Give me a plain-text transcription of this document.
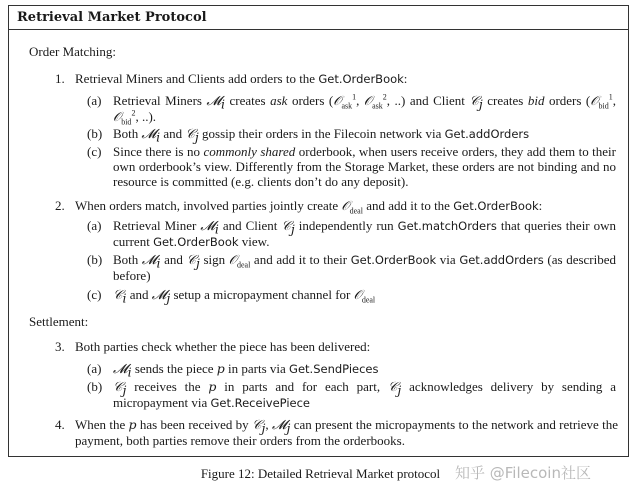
Retrieval Market Protocol
Order Matching:
1. Retrieval Miners and Clients add orders to the Get.OrderBook:
(a) Retrieval Miners 𝓜$_i$ creates ask orders (𝒪$_{ask}^1$, 𝒪$_{ask}^2$, ..) and Client 𝒞$_j$ creates bid orders (𝒪$_{bid}^1$, 𝒪$_{bid}^2$, ..).
(b) Both 𝓜$_i$ and 𝒞$_j$ gossip their orders in the Filecoin network via Get.addOrders
(c) Since there is no commonly shared orderbook, when users receive orders, they add them to their own orderbook’s view. Differently from the Storage Market, these orders are not binding and no resource is committed (e.g. clients don’t do any deposit).
2. When orders match, involved parties jointly create 𝒪$_{deal}$ and add it to the Get.OrderBook:
(a) Retrieval Miner 𝓜$_i$ and Client 𝒞$_j$ independently run Get.matchOrders that queries their own current Get.OrderBook view.
(b) Both 𝓜$_i$ and 𝒞$_j$ sign 𝒪$_{deal}$ and add it to their Get.OrderBook via Get.addOrders (as described before)
(c) 𝒞$_i$ and 𝓜$_j$ setup a micropayment channel for 𝒪$_{deal}$
Settlement:
3. Both parties check whether the piece has been delivered:
(a) 𝓜$_i$ sends the piece p in parts via Get.SendPieces
(b) 𝒞$_j$ receives the p in parts and for each part, 𝒞$_j$ acknowledges delivery by sending a micropayment via Get.ReceivePiece
4. When the p has been received by 𝒞$_j$, 𝓜$_j$ can present the micropayments to the network and retrieve the payment, both parties remove their orders from the orderbooks.
Figure 12: Detailed Retrieval Market protocol 知乎 @Filecoin社区
